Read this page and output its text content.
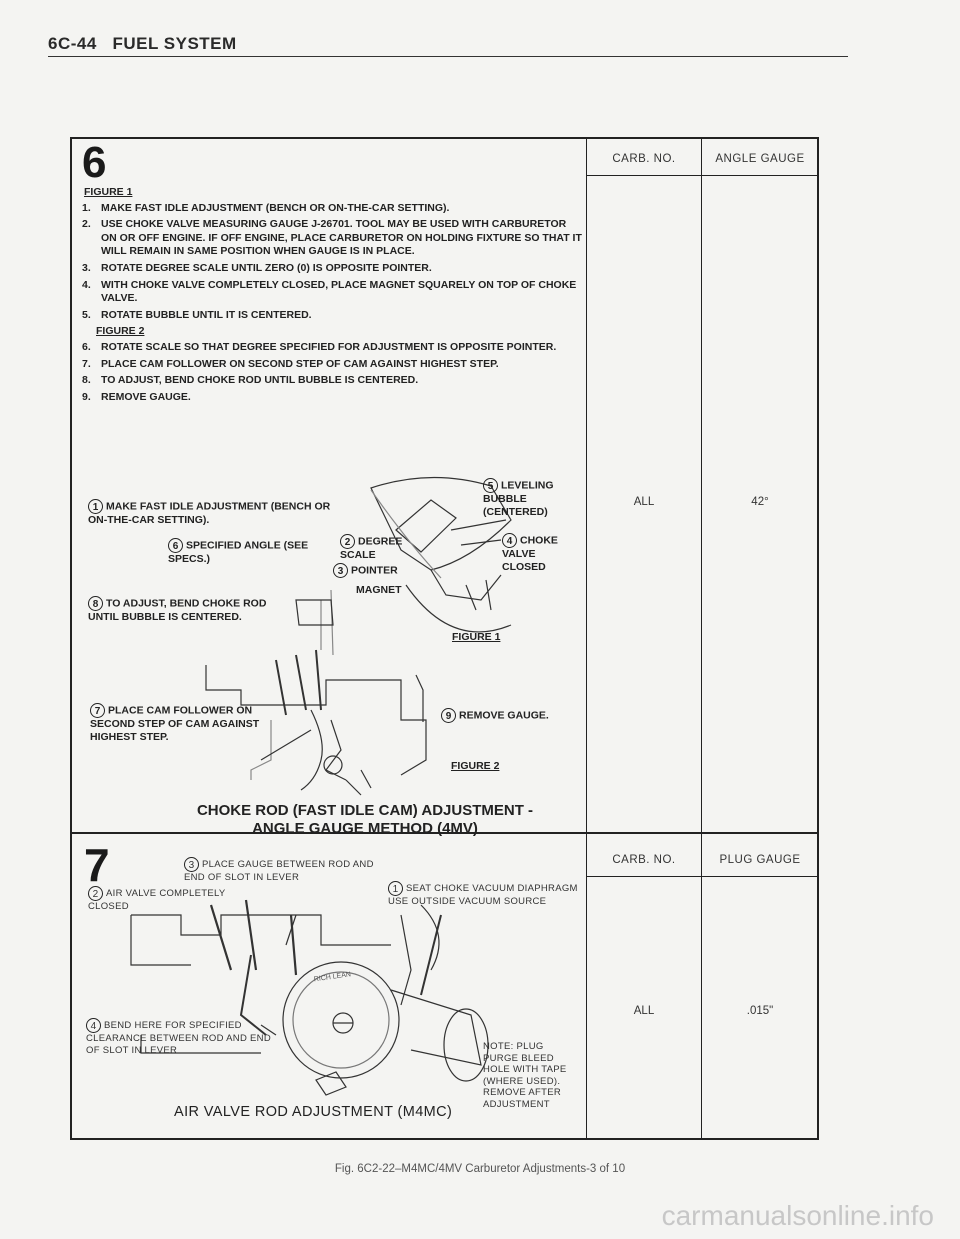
6C-44 FUEL SYSTEM
6	CARB. NO.	ANGLE GAUGE
ALL	42°
FIGURE 1
1. MAKE FAST IDLE ADJUSTMENT (BENCH OR ON-THE-CAR SETTING).
2. USE CHOKE VALVE MEASURING GAUGE J-26701. TOOL MAY BE USED WITH CARBURETOR ON OR OFF ENGINE. IF OFF ENGINE, PLACE CARBURETOR ON HOLDING FIXTURE SO THAT IT WILL REMAIN IN SAME POSITION WHEN GAUGE IS IN PLACE.
3. ROTATE DEGREE SCALE UNTIL ZERO (0) IS OPPOSITE POINTER.
4. WITH CHOKE VALVE COMPLETELY CLOSED, PLACE MAGNET SQUARELY ON TOP OF CHOKE VALVE.
5. ROTATE BUBBLE UNTIL IT IS CENTERED.
FIGURE 2
6. ROTATE SCALE SO THAT DEGREE SPECIFIED FOR ADJUSTMENT IS OPPOSITE POINTER.
7. PLACE CAM FOLLOWER ON SECOND STEP OF CAM AGAINST HIGHEST STEP.
8. TO ADJUST, BEND CHOKE ROD UNTIL BUBBLE IS CENTERED.
9. REMOVE GAUGE.
1 MAKE FAST IDLE ADJUSTMENT (BENCH OR ON-THE-CAR SETTING).
5 LEVELING BUBBLE (CENTERED)
2 DEGREE SCALE
4 CHOKE VALVE CLOSED
6 SPECIFIED ANGLE (SEE SPECS.)
3 POINTER
MAGNET
8 TO ADJUST, BEND CHOKE ROD UNTIL BUBBLE IS CENTERED.
FIGURE 1
7 PLACE CAM FOLLOWER ON SECOND STEP OF CAM AGAINST HIGHEST STEP.
9 REMOVE GAUGE.
FIGURE 2
CHOKE ROD (FAST IDLE CAM) ADJUSTMENT -
ANGLE GAUGE METHOD (4MV)
7	CARB. NO.	PLUG GAUGE
ALL	.015"
RICH LEAN
3 PLACE GAUGE BETWEEN ROD AND END OF SLOT IN LEVER
2 AIR VALVE COMPLETELY CLOSED
1 SEAT CHOKE VACUUM DIAPHRAGM USE OUTSIDE VACUUM SOURCE
4 BEND HERE FOR SPECIFIED CLEARANCE BETWEEN ROD AND END OF SLOT IN LEVER	NOTE: PLUG PURGE BLEED HOLE WITH TAPE (WHERE USED). REMOVE AFTER ADJUSTMENT
AIR VALVE ROD ADJUSTMENT (M4MC)
Fig. 6C2-22–M4MC/4MV Carburetor Adjustments-3 of 10
carmanualsonline.info
